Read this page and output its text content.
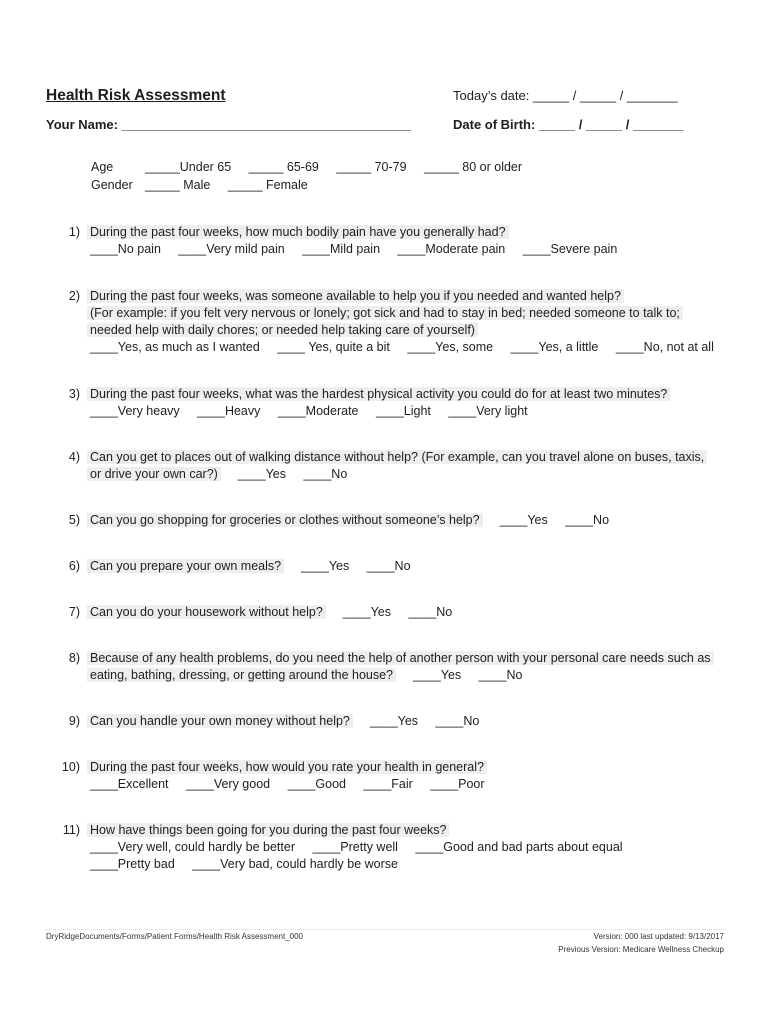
Health Risk Assessment	Today’s date: _____ / _____ / _______
Your Name: ________________________________________	Date of Birth: _____ / _____ / _______
Age	_____Under 65 _____ 65-69 _____ 70-79 _____ 80 or older
Gender _____ Male _____ Female
1) During the past four weeks, how much bodily pain have you generally had?
____No pain ____Very mild pain ____Mild pain ____Moderate pain ____Severe pain
2) During the past four weeks, was someone available to help you if you needed and wanted help?
(For example: if you felt very nervous or lonely; got sick and had to stay in bed; needed someone to talk to;
needed help with daily chores; or needed help taking care of yourself)
____Yes, as much as I wanted ____ Yes, quite a bit ____Yes, some ____Yes, a little ____No, not at all
3) During the past four weeks, what was the hardest physical activity you could do for at least two minutes?
____Very heavy ____Heavy ____Moderate ____Light ____Very light
4) Can you get to places out of walking distance without help? (For example, can you travel alone on buses, taxis,
or drive your own car?) ____Yes ____No
5) Can you go shopping for groceries or clothes without someone’s help? ____Yes ____No
6) Can you prepare your own meals? ____Yes ____No
7) Can you do your housework without help? ____Yes ____No
8) Because of any health problems, do you need the help of another person with your personal care needs such as
eating, bathing, dressing, or getting around the house? ____Yes ____No
9) Can you handle your own money without help? ____Yes ____No
10) During the past four weeks, how would you rate your health in general?
____Excellent ____Very good ____Good ____Fair ____Poor
11) How have things been going for you during the past four weeks?
____Very well, could hardly be better ____Pretty well ____Good and bad parts about equal
____Pretty bad ____Very bad, could hardly be worse
DryRidgeDocuments/Forms/Patient Forms/Health Risk Assessment_000	Version: 000 last updated: 9/13/2017
Previous Version: Medicare Wellness Checkup
